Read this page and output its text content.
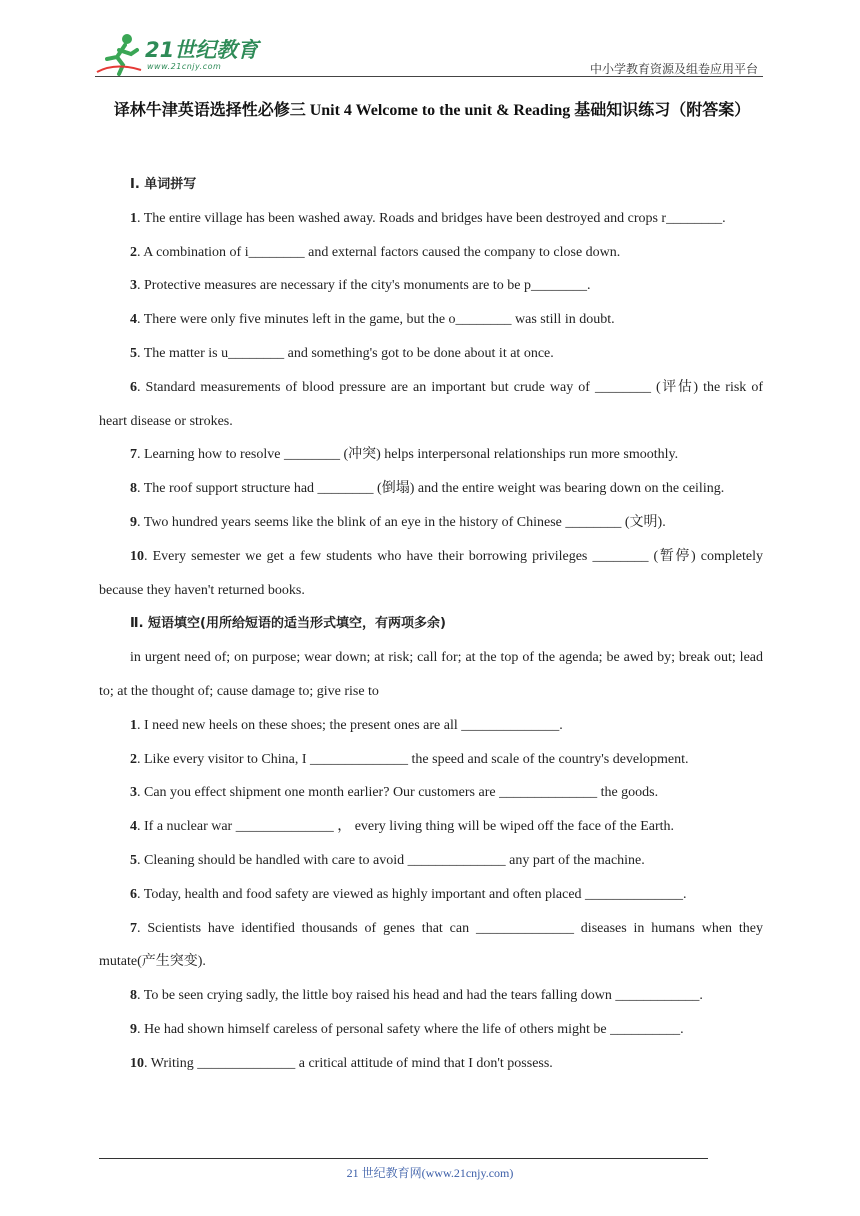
21世纪教育
www.21cnjy.com	中小学教育资源及组卷应用平台
译林牛津英语选择性必修三 Unit 4 Welcome to the unit & Reading 基础知识练习（附答案）

Ⅰ. 单词拼写

1. The entire village has been washed away. Roads and bridges have been destroyed and crops r________.

2. A combination of i________ and external factors caused the company to close down.

3. Protective measures are necessary if the city's monuments are to be p________.

4. There were only five minutes left in the game, but the o________ was still in doubt.

5. The matter is u________ and something's got to be done about it at once.

6. Standard measurements of blood pressure are an important but crude way of ________ (评估) the risk of heart disease or strokes.

7. Learning how to resolve ________ (冲突) helps interpersonal relationships run more smoothly.

8. The roof support structure had ________ (倒塌) and the entire weight was bearing down on the ceiling.

9. Two hundred years seems like the blink of an eye in the history of Chinese ________ (文明).

10. Every semester we get a few students who have their borrowing privileges ________ (暂停) completely because they haven't returned books.

Ⅱ. 短语填空(用所给短语的适当形式填空，有两项多余)

in urgent need of; on purpose; wear down; at risk; call for; at the top of the agenda; be awed by; break out; lead to; at the thought of; cause damage to; give rise to

1. I need new heels on these shoes; the present ones are all ______________.

2. Like every visitor to China, I ______________ the speed and scale of the country's development.

3. Can you effect shipment one month earlier? Our customers are ______________ the goods.

4. If a nuclear war ______________ ， every living thing will be wiped off the face of the Earth.

5. Cleaning should be handled with care to avoid ______________ any part of the machine.

6. Today, health and food safety are viewed as highly important and often placed ______________.

7. Scientists have identified thousands of genes that can ______________ diseases in humans when they mutate(产生突变).

8. To be seen crying sadly, the little boy raised his head and had the tears falling down ____________.

9. He had shown himself careless of personal safety where the life of others might be __________.

10. Writing ______________ a critical attitude of mind that I don't possess.

21 世纪教育网(www.21cnjy.com)
